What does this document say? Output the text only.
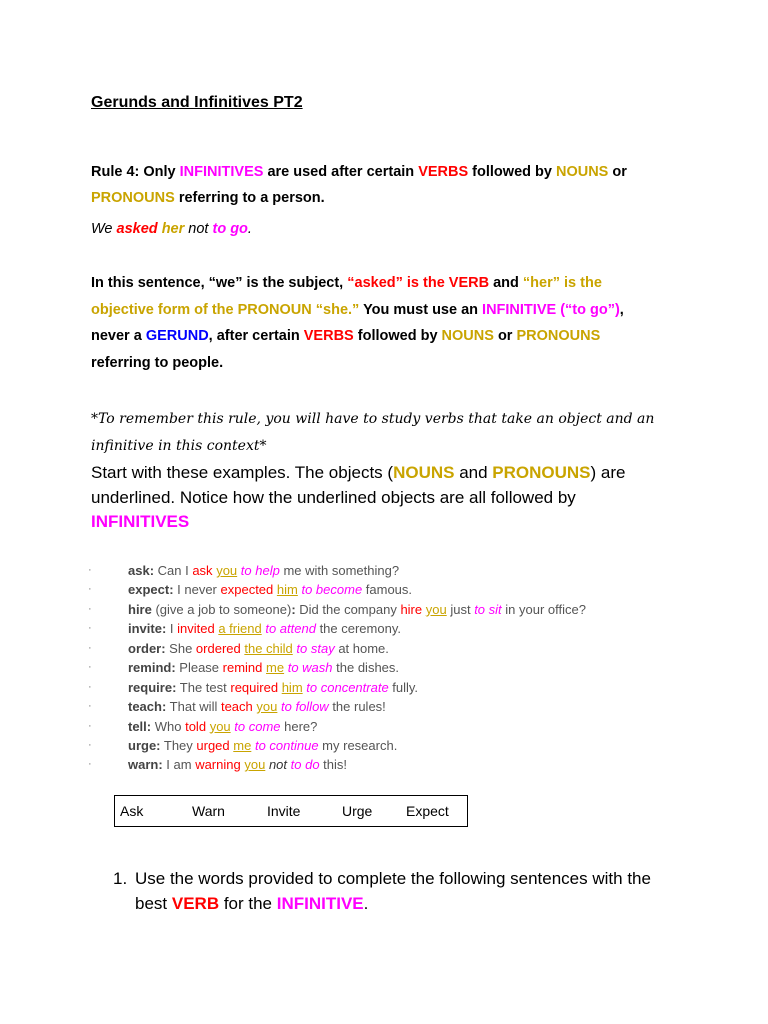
Gerunds and Infinitives PT2
Rule 4: Only INFINITIVES are used after certain VERBS followed by NOUNS or
PRONOUNS referring to a person.
We asked her not to go.
In this sentence, “we” is the subject, “asked” is the VERB and “her” is the
objective form of the PRONOUN “she.” You must use an INFINITIVE (“to go”),
never a GERUND, after certain VERBS followed by NOUNS or PRONOUNS
referring to people.
*To remember this rule, you will have to study verbs that take an object and an
infinitive in this context*
Start with these examples. The objects (NOUNS and PRONOUNS) are
underlined. Notice how the underlined objects are all followed by
INFINITIVES
·	ask: Can I ask you to help me with something?
·	expect: I never expected him to become famous.
·	hire (give a job to someone): Did the company hire you just to sit in your office?
·	invite: I invited a friend to attend the ceremony.
·	order: She ordered the child to stay at home.
·	remind: Please remind me to wash the dishes.
·	require: The test required him to concentrate fully.
·	teach: That will teach you to follow the rules!
·	tell: Who told you to come here?
·	urge: They urged me to continue my research.
·	warn: I am warning you not to do this!
Ask	Warn	Invite	Urge Expect
1. Use the words provided to complete the following sentences with the
best VERB for the INFINITIVE.
